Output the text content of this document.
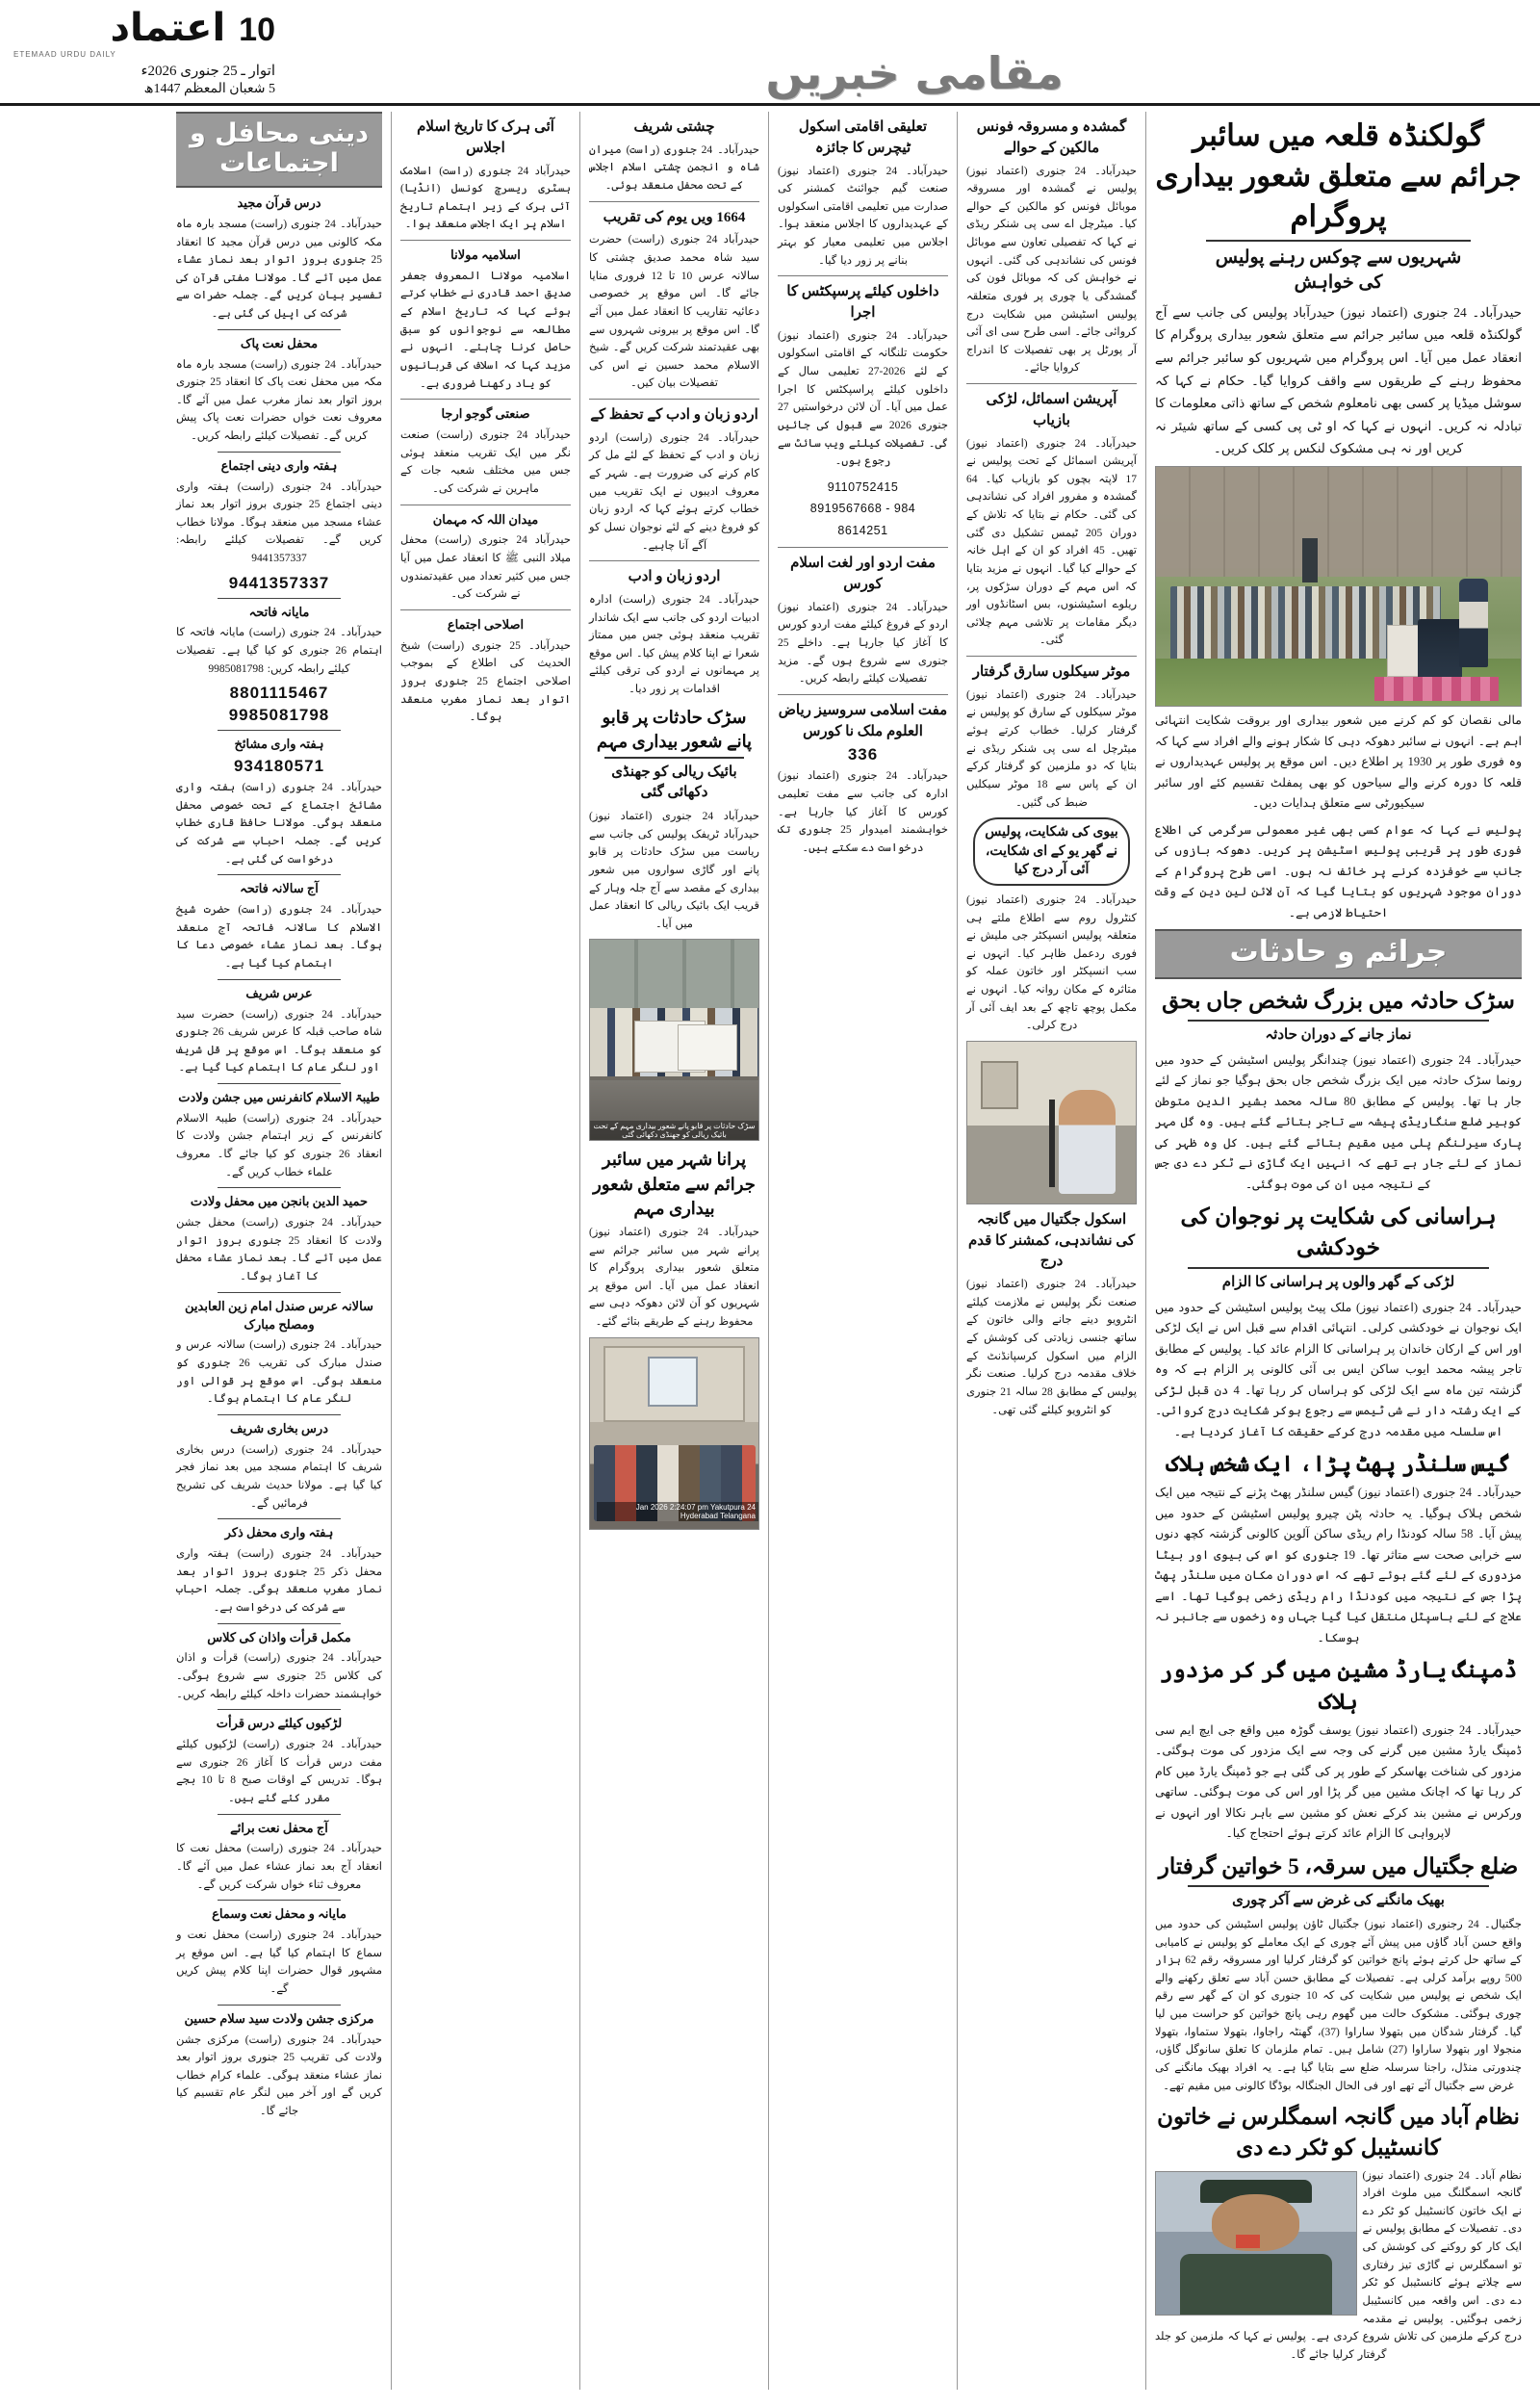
اعتماد 10
ETEMAAD URDU DAILY
اتوار ـ 25 جنوری 2026ء
5 شعبان المعظم 1447ھ	مقامی خبریں
گولکنڈہ قلعہ میں سائبر جرائم سے متعلق شعور بیداری پروگرام
شہریوں سے چوکس رہنے پولیس کی خواہش

حیدرآباد۔ 24 جنوری (اعتماد نیوز) حیدرآباد پولیس کی جانب سے آج گولکنڈہ قلعہ میں سائبر جرائم سے متعلق شعور بیداری پروگرام کا انعقاد عمل میں آیا۔ اس پروگرام میں شہریوں کو سائبر جرائم سے محفوظ رہنے کے طریقوں سے واقف کروایا گیا۔ حکام نے کہا کہ سوشل میڈیا پر کسی بھی نامعلوم شخص کے ساتھ ذاتی معلومات کا تبادلہ نہ کریں۔ انہوں نے کہا کہ او ٹی پی کسی کے ساتھ شیئر نہ کریں اور نہ ہی مشکوک لنکس پر کلک کریں۔

مالی نقصان کو کم کرنے میں شعور بیداری اور بروقت شکایت انتہائی اہم ہے۔ انہوں نے سائبر دھوکہ دہی کا شکار ہونے والے افراد سے کہا کہ وہ فوری طور پر 1930 پر اطلاع دیں۔ اس موقع پر پولیس عہدیداروں نے قلعہ کا دورہ کرنے والے سیاحوں کو بھی پمفلٹ تقسیم کئے اور سائبر سیکیورٹی سے متعلق ہدایات دیں۔

پولیس نے کہا کہ عوام کسی بھی غیر معمولی سرگرمی کی اطلاع فوری طور پر قریبی پولیس اسٹیشن پر کریں۔ دھوکہ بازوں کی جانب سے خوفزدہ کرنے پر خائف نہ ہوں۔ اسی طرح پروگرام کے دوران موجود شہریوں کو بتایا گیا کہ آن لائن لین دین کے وقت احتیاط لازمی ہے۔

جرائم و حادثات
سڑک حادثہ میں بزرگ شخص جاں بحق
نماز جانے کے دوران حادثہ

حیدرآباد۔ 24 جنوری (اعتماد نیوز) چندانگر پولیس اسٹیشن کے حدود میں رونما سڑک حادثہ میں ایک بزرگ شخص جاں بحق ہوگیا جو نماز کے لئے جار ہا تھا۔ پولیس کے مطابق 80 سالہ محمد بشیر الدین متوطن کوہیر ضلع سنگاریڈی پیشہ سے تاجر بتائے گئے ہیں۔ وہ گل مہر پارک سیرلنگم پلی میں مقیم بتائے گئے ہیں۔ کل وہ ظہر کی نماز کے لئے جار ہے تھے کہ انہیں ایک گاڑی نے ٹکر دے دی جس کے نتیجہ میں ان کی موت ہوگئی۔

ہراسانی کی شکایت پر نوجوان کی خودکشی
لڑکی کے گھر والوں پر ہراسانی کا الزام

حیدرآباد۔ 24 جنوری (اعتماد نیوز) ملک پیٹ پولیس اسٹیشن کے حدود میں ایک نوجوان نے خودکشی کرلی۔ انتہائی اقدام سے قبل اس نے ایک لڑکی اور اس کے ارکان خاندان پر ہراسانی کا الزام عائد کیا۔ پولیس کے مطابق تاجر پیشہ محمد ایوب ساکن ایس بی آئی کالونی پر الزام ہے کہ وہ گزشتہ تین ماہ سے ایک لڑکی کو ہراساں کر رہا تھا۔ 4 دن قبل لڑکی کے ایک رشتہ دار نے شی ٹیمس سے رجوع ہوکر شکایت درج کروائی۔ اس سلسلہ میں مقدمہ درج کرکے حقیقت کا آغاز کردیا ہے۔

گیس سلنڈر پھٹ پڑا، ایک شخص ہلاک

حیدرآباد۔ 24 جنوری (اعتماد نیوز) گیس سلنڈر پھٹ پڑنے کے نتیجہ میں ایک شخص ہلاک ہوگیا۔ یہ حادثہ پٹن چیرو پولیس اسٹیشن کے حدود میں پیش آیا۔ 58 سالہ کودنڈا رام ریڈی ساکن آلوین کالونی گزشتہ کچھ دنوں سے خرابی صحت سے متاثر تھا۔ 19 جنوری کو اس کی بیوی اور بیٹا مزدوری کے لئے گئے ہوئے تھے کہ اس دوران مکان میں سلنڈر پھٹ پڑا جس کے نتیجہ میں کودنڈا رام ریڈی زخمی ہوگیا تھا۔ اسے علاج کے لئے ہاسپٹل منتقل کیا گیا جہاں وہ زخموں سے جانبر نہ ہوسکا۔

ڈمپنگ یارڈ مشین میں گر کر مزدور ہلاک

حیدرآباد۔ 24 جنوری (اعتماد نیوز) یوسف گوڑہ میں واقع جی ایچ ایم سی ڈمپنگ یارڈ مشین میں گرنے کی وجہ سے ایک مزدور کی موت ہوگئی۔ مزدور کی شناخت بھاسکر کے طور پر کی گئی ہے جو ڈمپنگ یارڈ میں کام کر رہا تھا کہ اچانک مشین میں گر پڑا اور اس کی موت ہوگئی۔ ساتھی ورکرس نے مشین بند کرکے نعش کو مشین سے باہر نکالا اور انہوں نے لاپرواہی کا الزام عائد کرتے ہوئے احتجاج کیا۔

ضلع جگتیال میں سرقہ، 5 خواتین گرفتار
بھیک مانگنے کی غرض سے آکر چوری

جگتیال۔ 24 رجنوری (اعتماد نیوز) جگتیال ٹاؤن پولیس اسٹیشن کی حدود میں واقع حسن آباد گاؤں میں پیش آئے چوری کے ایک معاملے کو پولیس نے کامیابی کے ساتھ حل کرتے ہوئے پانچ خواتین کو گرفتار کرلیا اور مسروقہ رقم 62 ہزار 500 روپے برآمد کرلی ہے۔ تفصیلات کے مطابق حسن آباد سے تعلق رکھنے والے ایک شخص نے پولیس میں شکایت کی کہ 10 جنوری کو ان کے گھر سے رقم چوری ہوگئی۔ مشکوک حالت میں گھوم رہی پانچ خواتین کو حراست میں لیا گیا۔ گرفتار شدگان میں بتھولا ساراوا (37)، گھنٹہ راجاوا، بتھولا ستماوا، بتھولا منجولا اور بتھولا ساراوا (27) شامل ہیں۔ تمام ملزمان کا تعلق سانوگل گاؤں، چندورتی منڈل، راجنا سرسلہ ضلع سے بتایا گیا ہے۔ یہ افراد بھیک مانگنے کی غرض سے جگتیال آئے تھے اور فی الحال الجنگالہ بوڈگا کالونی میں مقیم تھے۔

نظام آباد میں گانجہ اسمگلرس نے خاتون کانسٹیبل کو ٹکر دے دی

نظام آباد۔ 24 جنوری (اعتماد نیوز) گانجہ اسمگلنگ میں ملوث افراد نے ایک خاتون کانسٹیبل کو ٹکر دے دی۔ تفصیلات کے مطابق پولیس نے ایک کار کو روکنے کی کوشش کی تو اسمگلرس نے گاڑی تیز رفتاری سے چلاتے ہوئے کانسٹیبل کو ٹکر دے دی۔ اس واقعہ میں کانسٹیبل زخمی ہوگئیں۔ پولیس نے مقدمہ درج کرکے ملزمین کی تلاش شروع کردی ہے۔ پولیس نے کہا کہ ملزمین کو جلد گرفتار کرلیا جائے گا۔

گمشدہ و مسروقہ فونس مالکین کے حوالے

حیدرآباد۔ 24 جنوری (اعتماد نیوز) پولیس نے گمشدہ اور مسروقہ موبائل فونس کو مالکین کے حوالے کیا۔ میٹرچل اے سی پی شنکر ریڈی نے کہا کہ تفصیلی تعاون سے موبائل فونس کی نشاندہی کی گئی۔ انہوں نے خواہش کی کہ موبائل فون کی گمشدگی یا چوری پر فوری متعلقہ پولیس اسٹیشن میں شکایت درج کروائی جائے۔ اسی طرح سی ای آئی آر پورٹل پر بھی تفصیلات کا اندراج کروایا جائے۔

آپریشن اسمائل، لڑکی بازیاب

حیدرآباد۔ 24 جنوری (اعتماد نیوز) آپریشن اسمائل کے تحت پولیس نے 17 لاپتہ بچوں کو بازیاب کیا۔ 64 گمشدہ و مفرور افراد کی نشاندہی کی گئی۔ حکام نے بتایا کہ تلاش کے دوران 205 ٹیمس تشکیل دی گئی تھیں۔ 45 افراد کو ان کے اہل خانہ کے حوالے کیا گیا۔ انہوں نے مزید بتایا کہ اس مہم کے دوران سڑکوں پر، ریلوے اسٹیشنوں، بس اسٹانڈوں اور دیگر مقامات پر تلاشی مہم چلائی گئی۔

موٹر سیکلوں سارق گرفتار

حیدرآباد۔ 24 جنوری (اعتماد نیوز) موٹر سیکلوں کے سارق کو پولیس نے گرفتار کرلیا۔ خطاب کرتے ہوئے میٹرچل اے سی پی شنکر ریڈی نے بتایا کہ دو ملزمین کو گرفتار کرکے ان کے پاس سے 18 موٹر سیکلیں ضبط کی گئیں۔

بیوی کی شکایت، پولیس نے گھر یو کے ای شکایت، آئی آر درج کیا

حیدرآباد۔ 24 جنوری (اعتماد نیوز) کنٹرول روم سے اطلاع ملتے ہی متعلقہ پولیس انسپکٹر جی ملیش نے فوری ردعمل ظاہر کیا۔ انہوں نے سب انسپکٹر اور خاتون عملہ کو متاثرہ کے مکان روانہ کیا۔ انہوں نے مکمل پوچھ تاچھ کے بعد ایف آئی آر درج کرلی۔

اسکول جگتیال میں گانجہ کی نشاندہی، کمشنر کا قدم درج

حیدرآباد۔ 24 جنوری (اعتماد نیوز) صنعت نگر پولیس نے ملازمت کیلئے انٹرویو دینے جانے والی خاتون کے ساتھ جنسی زیادتی کی کوشش کے الزام میں اسکول کرسپانڈنٹ کے خلاف مقدمہ درج کرلیا۔ صنعت نگر پولیس کے مطابق 28 سالہ 21 جنوری کو انٹرویو کیلئے گئی تھی۔

تعلیقی اقامتی اسکول ٹیچرس کا جائزہ

حیدرآباد۔ 24 جنوری (اعتماد نیوز) صنعت گیم جوائنٹ کمشنر کی صدارت میں تعلیمی اقامتی اسکولوں کے عہدیداروں کا اجلاس منعقد ہوا۔ اجلاس میں تعلیمی معیار کو بہتر بنانے پر زور دیا گیا۔

داخلوں کیلئے پرسپکٹس کا اجرا

حیدرآباد۔ 24 جنوری (اعتماد نیوز) حکومت تلنگانہ کے اقامتی اسکولوں کے لئے 2026-27 تعلیمی سال کے داخلوں کیلئے پراسپکٹس کا اجرا عمل میں آیا۔ آن لائن درخواستیں 27 جنوری 2026 سے قبول کی جائیں گی۔ تفصیلات کیلئے ویب سائٹ سے رجوع ہوں۔

9110752415
984 - 8919567668
8614251
مفت اردو اور لغت اسلام کورس

حیدرآباد۔ 24 جنوری (اعتماد نیوز) اردو کے فروغ کیلئے مفت اردو کورس کا آغاز کیا جارہا ہے۔ داخلے 25 جنوری سے شروع ہوں گے۔ مزید تفصیلات کیلئے رابطہ کریں۔

مفت اسلامی سروسیز ریاض العلوم ملک نا کورس
336

حیدرآباد۔ 24 جنوری (اعتماد نیوز) ادارہ کی جانب سے مفت تعلیمی کورس کا آغاز کیا جارہا ہے۔ خواہشمند امیدوار 25 جنوری تک درخواست دے سکتے ہیں۔

چشتی شریف

حیدرآباد۔ 24 جنوری (راست) میران شاہ و انجمن چشتی اسلام اجلاس کے تحت محفل منعقد ہوئی۔

1664 ویں یوم کی تقریب

حیدرآباد 24 جنوری (راست) حضرت سید شاہ محمد صدیق چشتی کا سالانہ عرس 10 تا 12 فروری منایا جائے گا۔ اس موقع پر خصوصی دعائیہ تقاریب کا انعقاد عمل میں آئے گا۔ اس موقع پر بیرونی شہروں سے بھی عقیدتمند شرکت کریں گے۔ شیخ الاسلام محمد حسین نے اس کی تفصیلات بیان کیں۔

اردو زبان و ادب کے تحفظ کے

حیدرآباد۔ 24 جنوری (راست) اردو زبان و ادب کے تحفظ کے لئے مل کر کام کرنے کی ضرورت ہے۔ شہر کے معروف ادیبوں نے ایک تقریب میں خطاب کرتے ہوئے کہا کہ اردو زبان کو فروغ دینے کے لئے نوجوان نسل کو آگے آنا چاہیے۔

اردو زبان و ادب

حیدرآباد۔ 24 جنوری (راست) ادارہ ادبیات اردو کی جانب سے ایک شاندار تقریب منعقد ہوئی جس میں ممتاز شعرا نے اپنا کلام پیش کیا۔ اس موقع پر مہمانوں نے اردو کی ترقی کیلئے اقدامات پر زور دیا۔

سڑک حادثات پر قابو پانے شعور بیداری مہم
بائیک ریالی کو جھنڈی دکھائی گئی

حیدرآباد 24 جنوری (اعتماد نیوز) حیدرآباد ٹریفک پولیس کی جانب سے ریاست میں سڑک حادثات پر قابو پانے اور گاڑی سواروں میں شعور بیداری کے مقصد سے آج جلہ وہار کے قریب ایک بائیک ریالی کا انعقاد عمل میں آیا۔

سڑک حادثات پر قابو پانے شعور بیداری مہم کے تحت بائیک ریالی کو جھنڈی دکھائی گئی
پرانا شہر میں سائبر جرائم سے متعلق شعور بیداری مہم

حیدرآباد۔ 24 جنوری (اعتماد نیوز) پرانے شہر میں سائبر جرائم سے متعلق شعور بیداری پروگرام کا انعقاد عمل میں آیا۔ اس موقع پر شہریوں کو آن لائن دھوکہ دہی سے محفوظ رہنے کے طریقے بتائے گئے۔

24 Jan 2026 2:24:07 pm Yakutpura Hyderabad Telangana
آئی ہرک کا تاریخ اسلام اجلاس

حیدرآباد 24 جنوری (راست) اسلامک ہسٹری ریسرچ کونسل (انڈیا) آئی ہرک کے زیر اہتمام تاریخ اسلام پر ایک اجلاس منعقد ہوا۔

اسلامیہ مولانا

اسلامیہ مولانا المعروف جعفر صدیق احمد قادری نے خطاب کرتے ہوئے کہا کہ تاریخ اسلام کے مطالعہ سے نوجوانوں کو سبق حاصل کرنا چاہئے۔ انہوں نے مزید کہا کہ اسلاف کی قربانیوں کو یاد رکھنا ضروری ہے۔

صنعتی گوجو ارجا

حیدرآباد 24 جنوری (راست) صنعت نگر میں ایک تقریب منعقد ہوئی جس میں مختلف شعبہ جات کے ماہرین نے شرکت کی۔

میدان اللہ کہ مہمان

حیدرآباد 24 جنوری (راست) محفل میلاد النبی ﷺ کا انعقاد عمل میں آیا جس میں کثیر تعداد میں عقیدتمندوں نے شرکت کی۔

اصلاحی اجتماع

حیدرآباد۔ 25 جنوری (راست) شیخ الحدیث کی اطلاع کے بموجب اصلاحی اجتماع 25 جنوری بروز اتوار بعد نماز مغرب منعقد ہوگا۔

دینی محافل و اجتماعات
درس قرآن مجید

حیدرآباد۔ 24 جنوری (راست) مسجد بارہ ماہ مکہ کالونی میں درس قرآن مجید کا انعقاد 25 جنوری بروز اتوار بعد نماز عشاء عمل میں آئے گا۔ مولانا مفتی قرآن کی تفسیر بیان کریں گے۔ جملہ حضرات سے شرکت کی اپیل کی گئی ہے۔

محفل نعت پاک

حیدرآباد۔ 24 جنوری (راست) مسجد بارہ ماہ مکہ میں محفل نعت پاک کا انعقاد 25 جنوری بروز اتوار بعد نماز مغرب عمل میں آئے گا۔ معروف نعت خواں حضرات نعت پاک پیش کریں گے۔ تفصیلات کیلئے رابطہ کریں۔

ہفتہ واری دینی اجتماع

حیدرآباد۔ 24 جنوری (راست) ہفتہ واری دینی اجتماع 25 جنوری بروز اتوار بعد نماز عشاء مسجد میں منعقد ہوگا۔ مولانا خطاب کریں گے۔ تفصیلات کیلئے رابطہ: 9441357337

9441357337
مایانہ فاتحہ

حیدرآباد۔ 24 جنوری (راست) مایانہ فاتحہ کا اہتمام 26 جنوری کو کیا گیا ہے۔ تفصیلات کیلئے رابطہ کریں: 9985081798

8801115467
9985081798
ہفتہ واری مشائخ
934180571

حیدرآباد۔ 24 جنوری (راست) ہفتہ واری مشائخ اجتماع کے تحت خصوصی محفل منعقد ہوگی۔ مولانا حافظ قاری خطاب کریں گے۔ جملہ احباب سے شرکت کی درخواست کی گئی ہے۔

آج سالانہ فاتحہ

حیدرآباد۔ 24 جنوری (راست) حضرت شیخ الاسلام کا سالانہ فاتحہ آج منعقد ہوگا۔ بعد نماز عشاء خصوصی دعا کا اہتمام کیا گیا ہے۔

عرس شریف

حیدرآباد۔ 24 جنوری (راست) حضرت سید شاہ صاحب قبلہ کا عرس شریف 26 جنوری کو منعقد ہوگا۔ اس موقع پر قل شریف اور لنگر عام کا اہتمام کیا گیا ہے۔

طیبۃ الاسلام کانفرنس میں جشن ولادت

حیدرآباد۔ 24 جنوری (راست) طیبۃ الاسلام کانفرنس کے زیر اہتمام جشن ولادت کا انعقاد 26 جنوری کو کیا جائے گا۔ معروف علماء خطاب کریں گے۔

حمید الدین بانجن میں محفل ولادت

حیدرآباد۔ 24 جنوری (راست) محفل جشن ولادت کا انعقاد 25 جنوری بروز اتوار عمل میں آئے گا۔ بعد نماز عشاء محفل کا آغاز ہوگا۔

سالانہ عرس صندل امام زین العابدین ومصلح مبارک

حیدرآباد۔ 24 جنوری (راست) سالانہ عرس و صندل مبارک کی تقریب 26 جنوری کو منعقد ہوگی۔ اس موقع پر قوالی اور لنگر عام کا اہتمام ہوگا۔

درس بخاری شریف

حیدرآباد۔ 24 جنوری (راست) درس بخاری شریف کا اہتمام مسجد میں بعد نماز فجر کیا گیا ہے۔ مولانا حدیث شریف کی تشریح فرمائیں گے۔

ہفتہ واری محفل ذکر

حیدرآباد۔ 24 جنوری (راست) ہفتہ واری محفل ذکر 25 جنوری بروز اتوار بعد نماز مغرب منعقد ہوگی۔ جملہ احباب سے شرکت کی درخواست ہے۔

مکمل قرأت واذان کی کلاس

حیدرآباد۔ 24 جنوری (راست) قرأت و اذان کی کلاس 25 جنوری سے شروع ہوگی۔ خواہشمند حضرات داخلہ کیلئے رابطہ کریں۔

لڑکیوں کیلئے درس قرأت

حیدرآباد۔ 24 جنوری (راست) لڑکیوں کیلئے مفت درس قرأت کا آغاز 26 جنوری سے ہوگا۔ تدریس کے اوقات صبح 8 تا 10 بجے مقرر کئے گئے ہیں۔

آج محفل نعت برائے

حیدرآباد۔ 24 جنوری (راست) محفل نعت کا انعقاد آج بعد نماز عشاء عمل میں آئے گا۔ معروف ثناء خواں شرکت کریں گے۔

مایانہ و محفل نعت وسماع

حیدرآباد۔ 24 جنوری (راست) محفل نعت و سماع کا اہتمام کیا گیا ہے۔ اس موقع پر مشہور قوال حضرات اپنا کلام پیش کریں گے۔

مرکزی جشن ولادت سید سلام حسین

حیدرآباد۔ 24 جنوری (راست) مرکزی جشن ولادت کی تقریب 25 جنوری بروز اتوار بعد نماز عشاء منعقد ہوگی۔ علماء کرام خطاب کریں گے اور آخر میں لنگر عام تقسیم کیا جائے گا۔
